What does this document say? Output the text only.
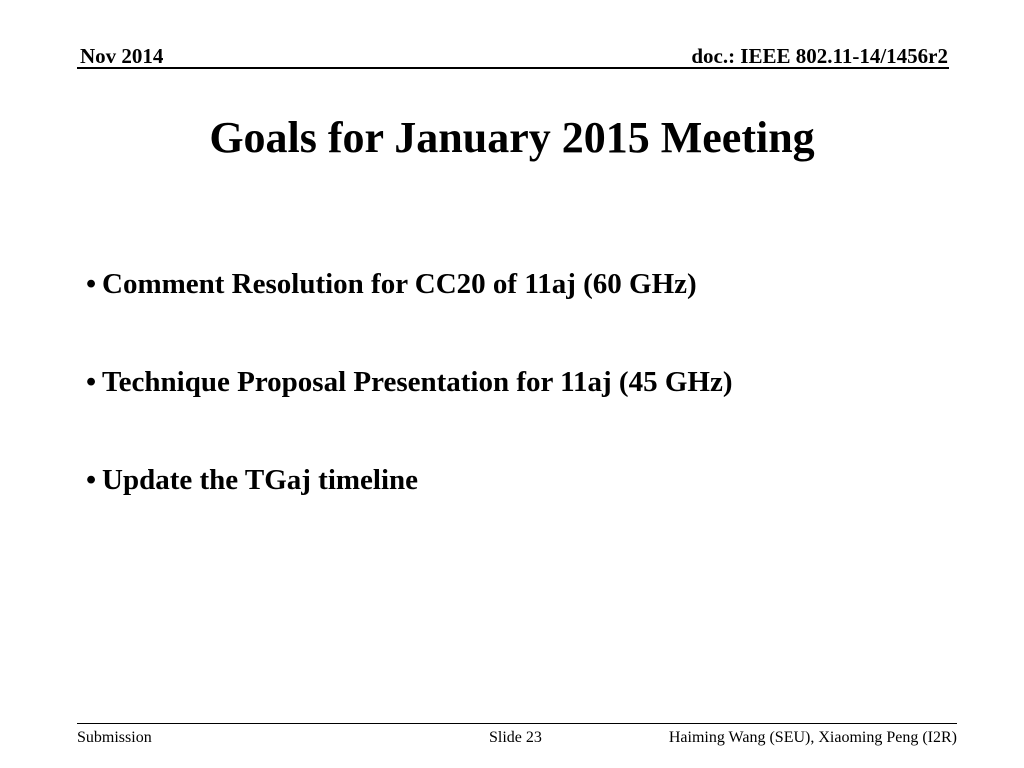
Nov 2014	doc.: IEEE 802.11-14/1456r2
Goals for January 2015 Meeting
• Comment Resolution for CC20 of 11aj (60 GHz)
• Technique Proposal Presentation for 11aj (45 GHz)
• Update the TGaj timeline
Submission	Slide 23	Haiming Wang (SEU), Xiaoming Peng (I2R)
